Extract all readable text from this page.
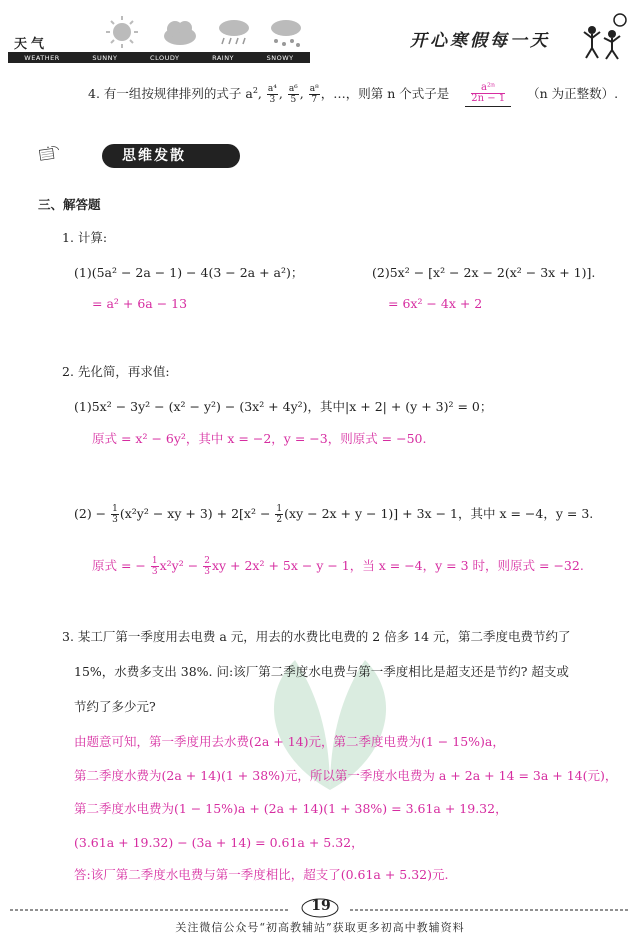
天气
WEATHER	SUNNY	CLOUDY	RAINY	SNOWY
开心寒假每一天
4. 有一组按规律排列的式子 $a^2$, $\frac{\text{a⁴}}{3}$ , $\frac{\text{a⁶}}{5}$ , $\frac{\text{a⁸}}{7}$ ，…，则第 n 个式子是 $\frac{\text{a²ⁿ}}{2n - 1} (n$ 为正整数）.
思维发散
三、解答题
1. 计算:
(1)(5a² − 2a − 1) − 4(3 − 2a + a²)；	(2)5x² − [x² − 2x − 2(x² − 3x + 1)].
= a² + 6a − 13	= 6x² − 4x + 2
2. 先化简，再求值:
(1)5x² − 3y² − (x² − y²) − (3x² + 4y²)，其中|x + 2| + (y + 3)² = 0；
原式 = x² − 6y²，其中 x = −2，y = −3，则原式 = −50.
$(2) - \frac{1}{3} (x^2y^2$ − xy + $3) + 2[x^2 - \frac{1}{2} (xy - 2x + y - 1)] + 3x - 1$，其中 x = −4，y = 3.
原式 = − $\frac{1}{3} x^2y^2 - \frac{2}{3}$ xy + 2x² + 5x − y − 1，当 x = −4，y = 3 时，则原式 = −32.
3. 某工厂第一季度用去电费 a 元，用去的水费比电费的 2 倍多 14 元，第二季度电费节约了
15%，水费多支出 38%. 问:该厂第二季度水电费与第一季度相比是超支还是节约? 超支或
节约了多少元?
由题意可知，第一季度用去水费(2a + 14)元，第二季度电费为(1 − 15%)a，
第二季度水费为(2a + 14)(1 + 38%)元，所以第一季度水电费为 a + 2a + 14 = 3a + 14(元)，
第二季度水电费为(1 − 15%)a + (2a + 14)(1 + 38%) = 3.61a + 19.32，
(3.61a + 19.32) − (3a + 14) = 0.61a + 5.32，
答:该厂第二季度水电费与第一季度相比，超支了(0.61a + 5.32)元.
19
关注微信公众号“初高教辅站”获取更多初高中教辅资料
